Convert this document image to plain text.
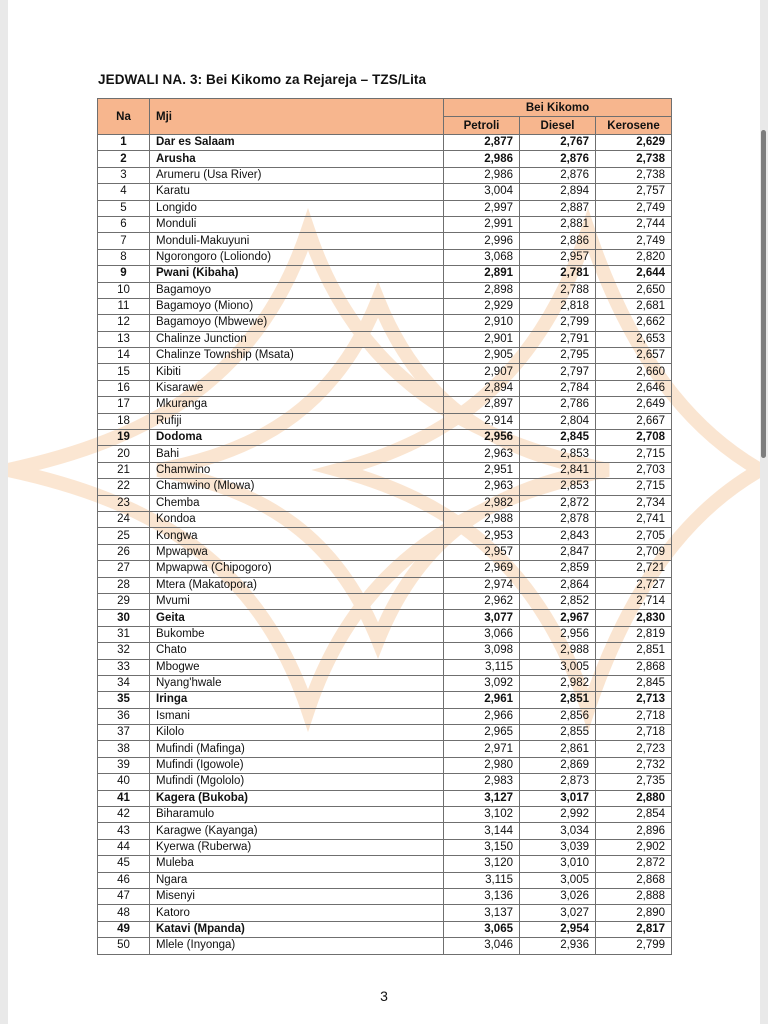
JEDWALI NA. 3: Bei Kikomo za Rejareja – TZS/Lita
Na	Mji	Bei Kikomo		
		Petroli	Diesel	Kerosene
1	Dar es Salaam	2,877	2,767	2,629
2	Arusha	2,986	2,876	2,738
3	Arumeru (Usa River)	2,986	2,876	2,738
4	Karatu	3,004	2,894	2,757
5	Longido	2,997	2,887	2,749
6	Monduli	2,991	2,881	2,744
7	Monduli-Makuyuni	2,996	2,886	2,749
8	Ngorongoro (Loliondo)	3,068	2,957	2,820
9	Pwani (Kibaha)	2,891	2,781	2,644
10	Bagamoyo	2,898	2,788	2,650
11	Bagamoyo (Miono)	2,929	2,818	2,681
12	Bagamoyo (Mbwewe)	2,910	2,799	2,662
13	Chalinze Junction	2,901	2,791	2,653
14	Chalinze Township (Msata)	2,905	2,795	2,657
15	Kibiti	2,907	2,797	2,660
16	Kisarawe	2,894	2,784	2,646
17	Mkuranga	2,897	2,786	2,649
18	Rufiji	2,914	2,804	2,667
19	Dodoma	2,956	2,845	2,708
20	Bahi	2,963	2,853	2,715
21	Chamwino	2,951	2,841	2,703
22	Chamwino (Mlowa)	2,963	2,853	2,715
23	Chemba	2,982	2,872	2,734
24	Kondoa	2,988	2,878	2,741
25	Kongwa	2,953	2,843	2,705
26	Mpwapwa	2,957	2,847	2,709
27	Mpwapwa (Chipogoro)	2,969	2,859	2,721
28	Mtera (Makatopora)	2,974	2,864	2,727
29	Mvumi	2,962	2,852	2,714
30	Geita	3,077	2,967	2,830
31	Bukombe	3,066	2,956	2,819
32	Chato	3,098	2,988	2,851
33	Mbogwe	3,115	3,005	2,868
34	Nyang'hwale	3,092	2,982	2,845
35	Iringa	2,961	2,851	2,713
36	Ismani	2,966	2,856	2,718
37	Kilolo	2,965	2,855	2,718
38	Mufindi (Mafinga)	2,971	2,861	2,723
39	Mufindi (Igowole)	2,980	2,869	2,732
40	Mufindi (Mgololo)	2,983	2,873	2,735
41	Kagera (Bukoba)	3,127	3,017	2,880
42	Biharamulo	3,102	2,992	2,854
43	Karagwe (Kayanga)	3,144	3,034	2,896
44	Kyerwa (Ruberwa)	3,150	3,039	2,902
45	Muleba	3,120	3,010	2,872
46	Ngara	3,115	3,005	2,868
47	Misenyi	3,136	3,026	2,888
48	Katoro	3,137	3,027	2,890
49	Katavi (Mpanda)	3,065	2,954	2,817
50	Mlele (Inyonga)	3,046	2,936	2,799
3
